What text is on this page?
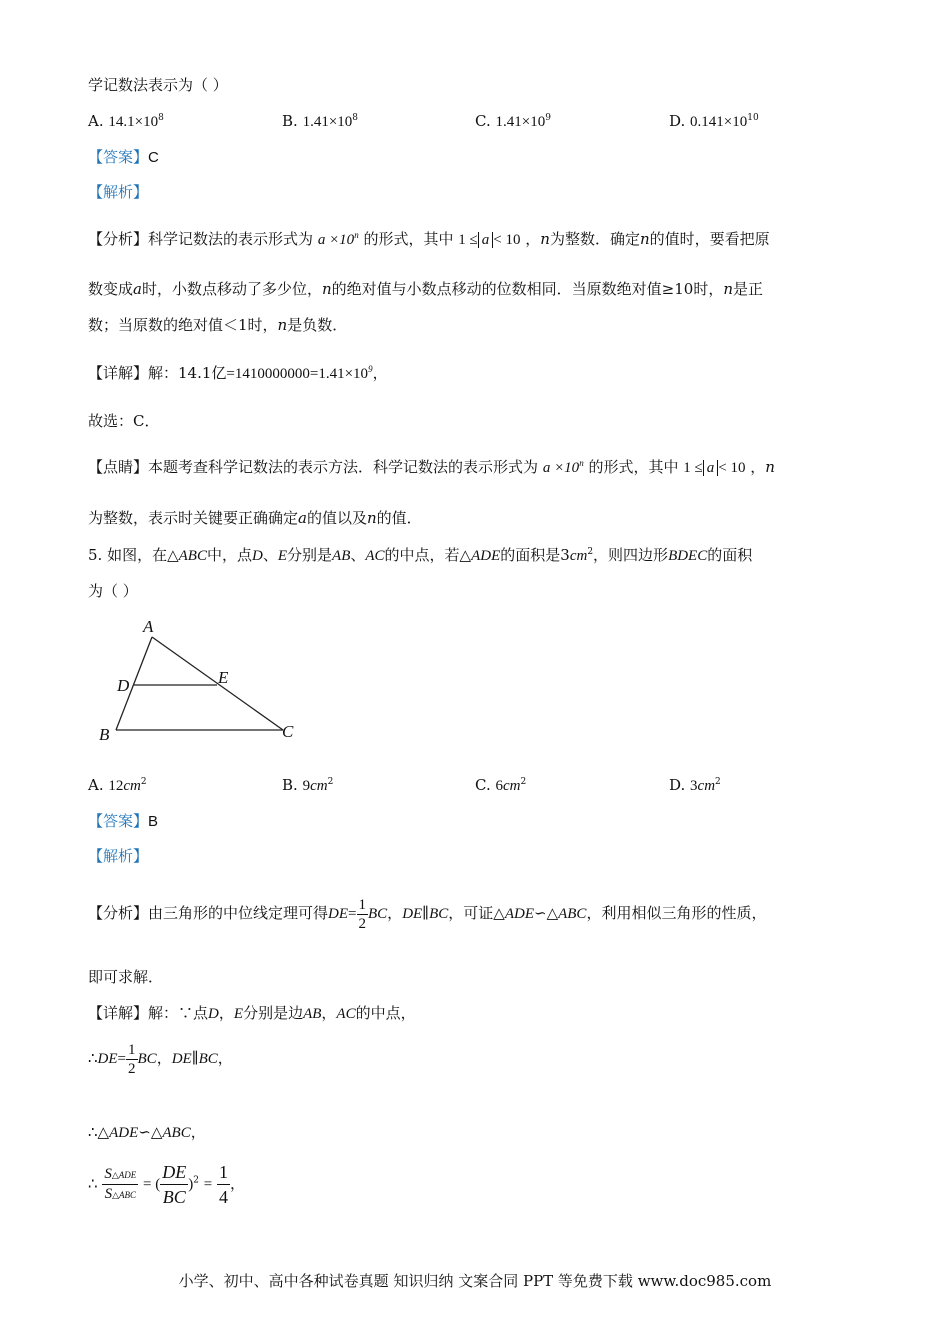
学记数法表示为（ ）
A. $14.1\times 10^8$	B. $1.41\times 10^8$	C. $1.41\times 10^9$	D. $0.141\times 10^{10}$
【答案】C
【解析】
【分析】科学记数法的表示形式为 $a \times 10^n$ 的形式，其中 1 ≤ a < 10 ，n为整数．确定n的值时，要看把原
数变成a时，小数点移动了多少位，n的绝对值与小数点移动的位数相同．当原数绝对值≥10时，n是正
数；当原数的绝对值＜1时，n是负数．
【详解】解：14.1亿$=1410000000=1.41\times 10^9$，
故选：C．
【点睛】本题考查科学记数法的表示方法．科学记数法的表示形式为 $a \times 10^n$ 的形式，其中 1 ≤ a < 10 ，n
为整数，表示时关键要正确确定a的值以及n的值．
5. 如图，在△ABC中，点D、E分别是AB、AC的中点，若△ADE的面积是$3cm^2$，则四边形BDEC的面积
为（ ）
A
D	E
B	C
A. $12cm^2$	B. $9cm^2$	C. $6cm^2$	D. $3cm^2$
【答案】B
【解析】
【分析】由三角形的中位线定理可得$DE= \frac{1}{2}$ BC，DE∥BC，可证△ADE∽△ABC，利用相似三角形的性质，
即可求解．
【详解】解：∵点D，E分别是边AB，AC的中点，
∴DE= $\frac{1}{2}$ BC，DE∥BC，
∴△ADE∽△ABC，
∴ $\frac{\text{S△ADE}}{\text{S△ABC}}$ = ( $\frac{DE}{BC} )^2 = \frac{1}{4}$ ，
小学、初中、高中各种试卷真题 知识归纳 文案合同 PPT 等免费下载 www.doc985.com
